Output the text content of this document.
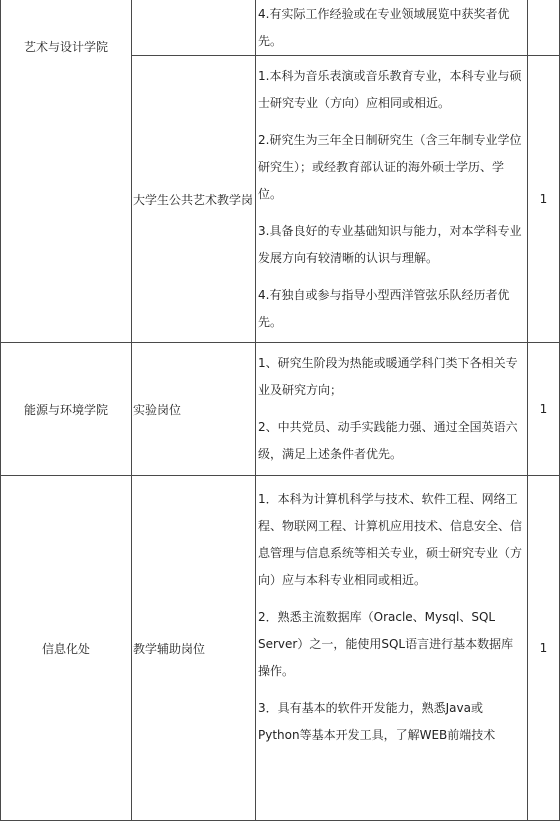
艺术与设计学院		4.有实际工作经验或在专业领域展览中获奖者优先。	

	大学生公共艺术教学岗	1.本科为音乐表演或音乐教育专业，本科专业与硕士研究专业（方向）应相同或相近。

2.研究生为三年全日制研究生（含三年制专业学位研究生）；或经教育部认证的海外硕士学历、学位。

3.具备良好的专业基础知识与能力，对本学科专业发展方向有较清晰的认识与理解。

4.有独自或参与指导小型西洋管弦乐队经历者优先。	1
能源与环境学院	实验岗位	1、研究生阶段为热能或暖通学科门类下各相关专业及研究方向；

2、中共党员、动手实践能力强、通过全国英语六级，满足上述条件者优先。	1
信息化处	教学辅助岗位	1．本科为计算机科学与技术、软件工程、网络工程、物联网工程、计算机应用技术、信息安全、信息管理与信息系统等相关专业，硕士研究专业（方向）应与本科专业相同或相近。

2．熟悉主流数据库（Oracle、Mysql、SQL Server）之一，能使用SQL语言进行基本数据库操作。

3．具有基本的软件开发能力，熟悉Java或Python等基本开发工具，了解WEB前端技术	1
